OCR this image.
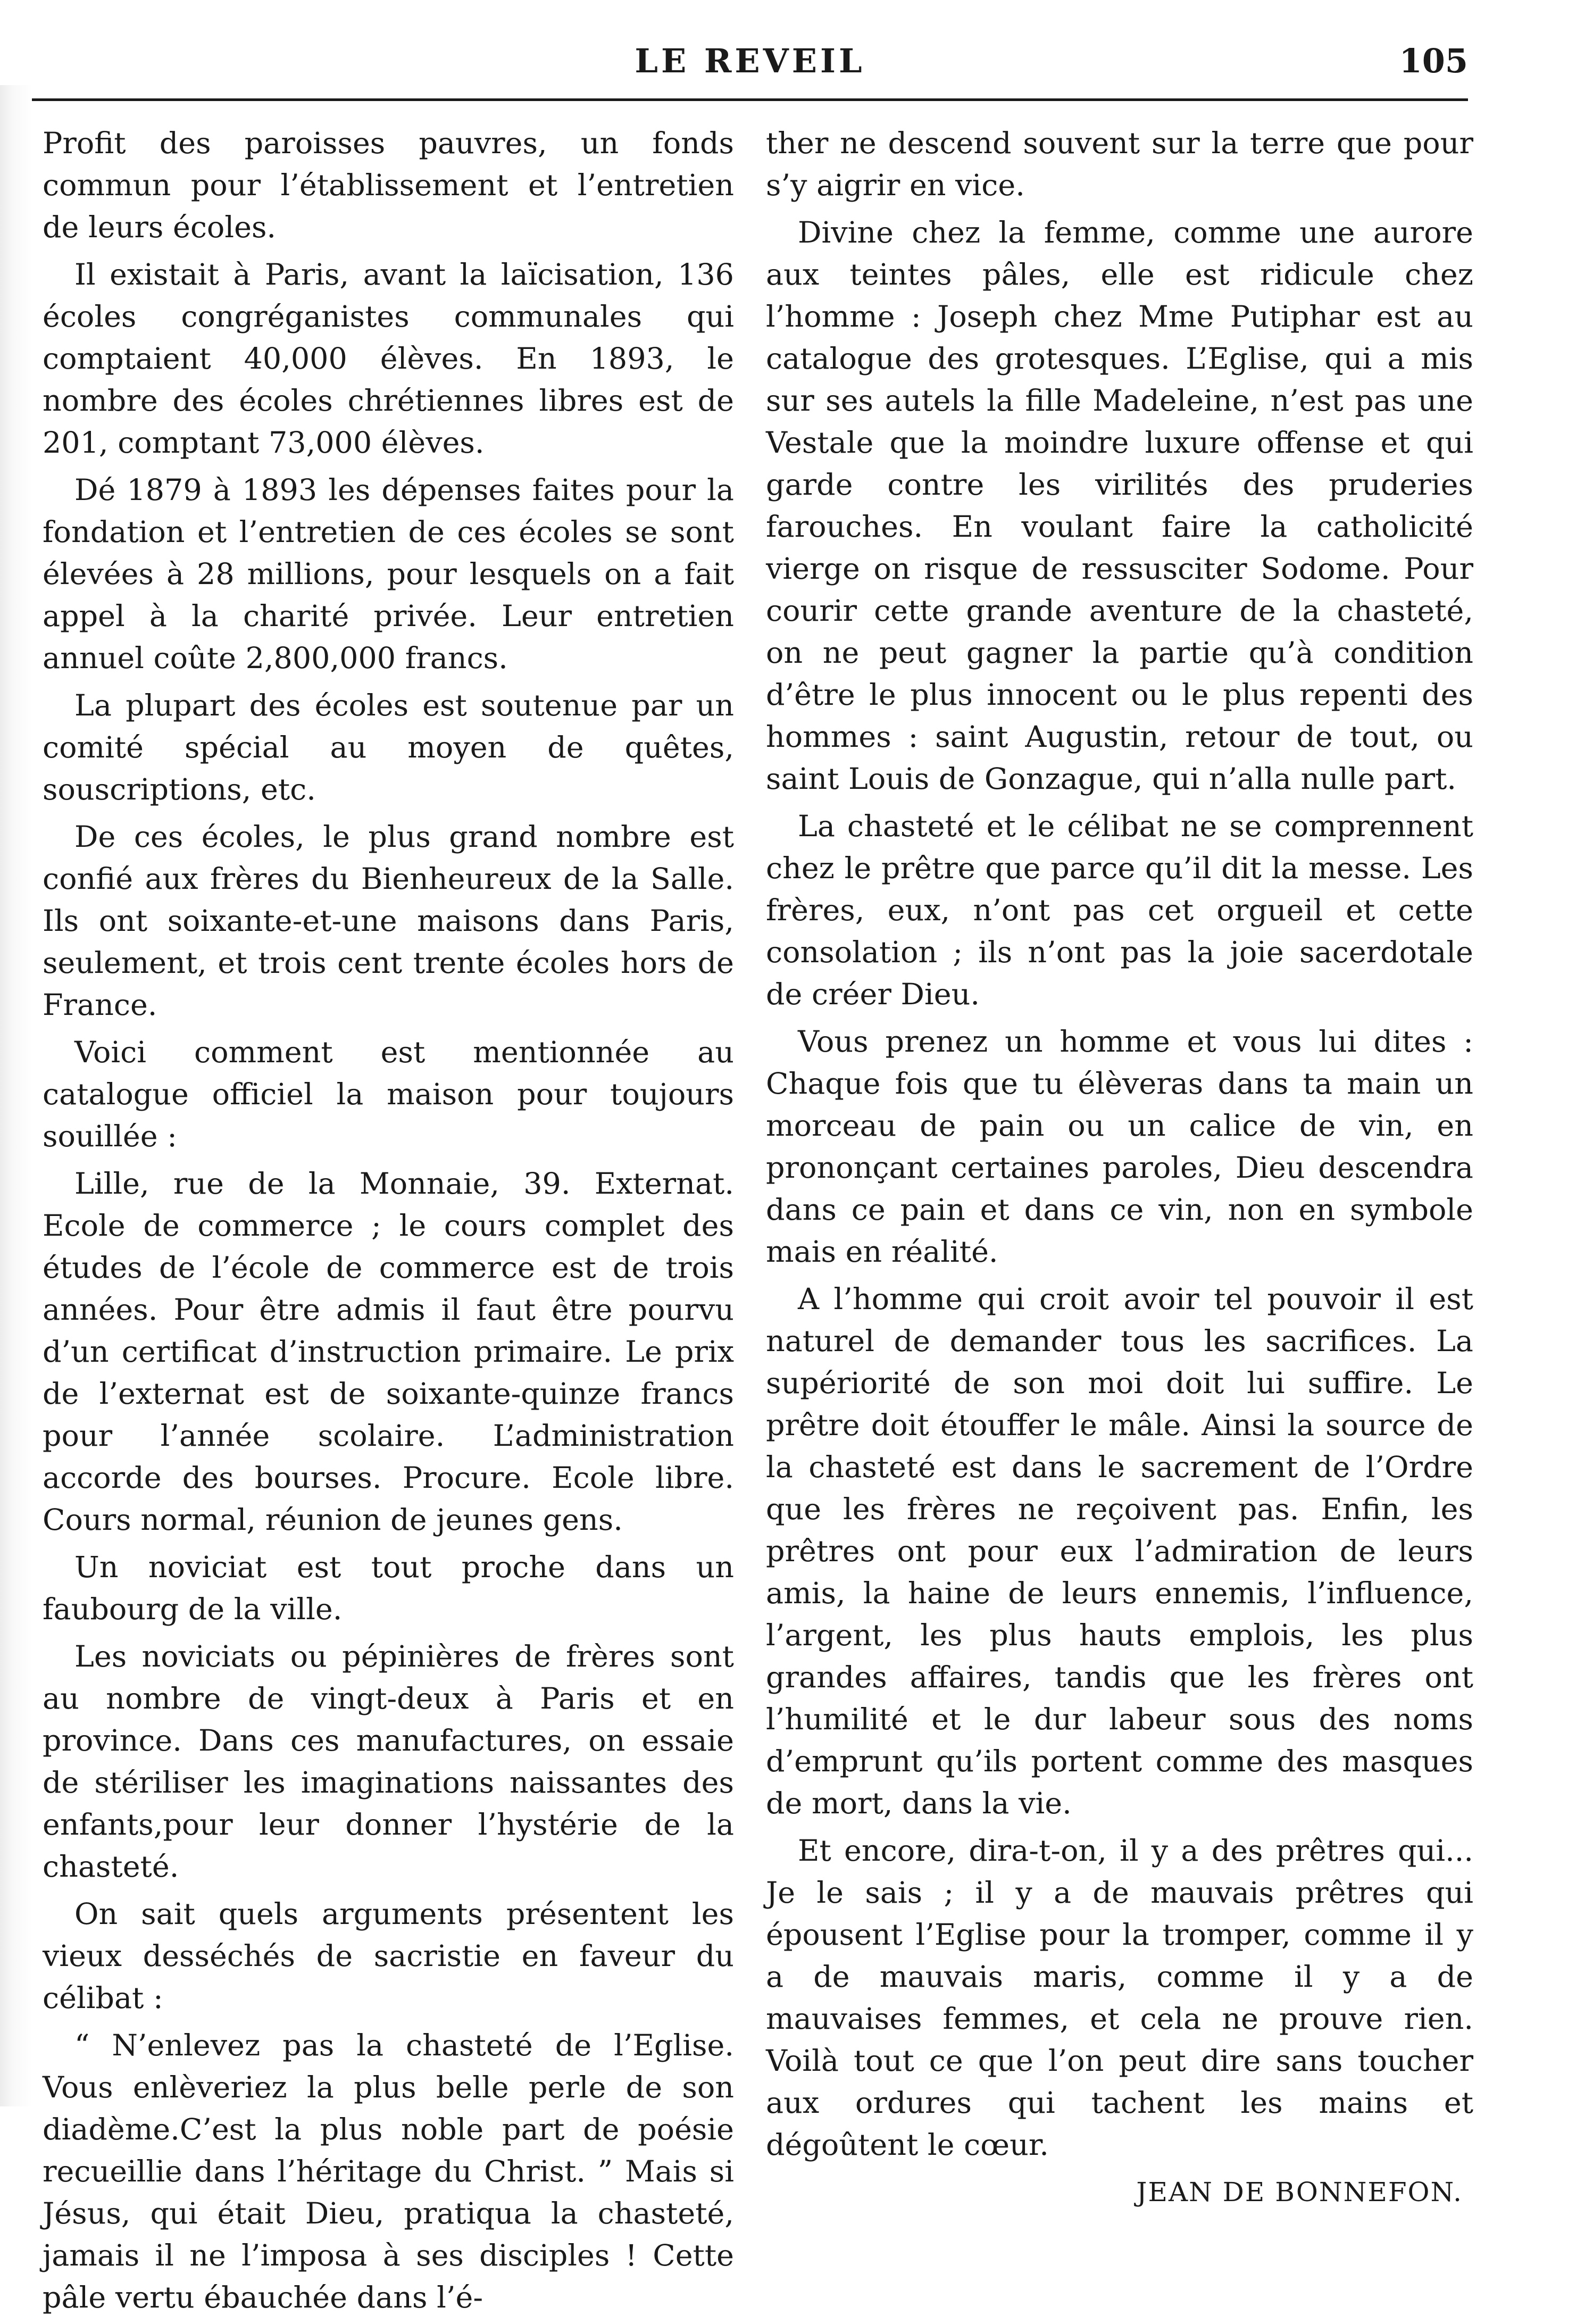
LE REVEIL	105

Profit des paroisses pauvres, un fonds commun pour l’établissement et l’entretien de leurs écoles.

Il existait à Paris, avant la laïcisation, 136 écoles congréganistes communales qui comptaient 40,000 élèves. En 1893, le nombre des écoles chrétiennes libres est de 201, comptant 73,000 élèves.

Dé 1879 à 1893 les dépenses faites pour la fondation et l’entretien de ces écoles se sont élevées à 28 millions, pour lesquels on a fait appel à la charité privée. Leur entretien annuel coûte 2,800,000 francs.

La plupart des écoles est soutenue par un comité spécial au moyen de quêtes, souscriptions, etc.

De ces écoles, le plus grand nombre est confié aux frères du Bienheureux de la Salle. Ils ont soixante-et-une maisons dans Paris, seulement, et trois cent trente écoles hors de France.

Voici comment est mentionnée au catalogue officiel la maison pour toujours souillée :

Lille, rue de la Monnaie, 39. Externat. Ecole de commerce ; le cours complet des études de l’école de commerce est de trois années. Pour être admis il faut être pourvu d’un certificat d’instruction primaire. Le prix de l’externat est de soixante-quinze francs pour l’année scolaire. L’administration accorde des bourses. Procure. Ecole libre. Cours normal, réunion de jeunes gens.

Un noviciat est tout proche dans un faubourg de la ville.

Les noviciats ou pépinières de frères sont au nombre de vingt-deux à Paris et en province. Dans ces manufactures, on essaie de stériliser les imaginations naissantes des enfants,pour leur donner l’hystérie de la chasteté.

On sait quels arguments présentent les vieux desséchés de sacristie en faveur du célibat :

“ N’enlevez pas la chasteté de l’Eglise. Vous enlèveriez la plus belle perle de son diadème.C’est la plus noble part de poésie recueillie dans l’héritage du Christ. ” Mais si Jésus, qui était Dieu, pratiqua la chasteté, jamais il ne l’imposa à ses disciples ! Cette pâle vertu ébauchée dans l’é-

ther ne descend souvent sur la terre que pour s’y aigrir en vice.

Divine chez la femme, comme une aurore aux teintes pâles, elle est ridicule chez l’homme : Joseph chez Mme Putiphar est au catalogue des grotesques. L’Eglise, qui a mis sur ses autels la fille Madeleine, n’est pas une Vestale que la moindre luxure offense et qui garde contre les virilités des pruderies farouches. En voulant faire la catholicité vierge on risque de ressusciter Sodome. Pour courir cette grande aventure de la chasteté, on ne peut gagner la partie qu’à condition d’être le plus innocent ou le plus repenti des hommes : saint Augustin, retour de tout, ou saint Louis de Gonzague, qui n’alla nulle part.

La chasteté et le célibat ne se comprennent chez le prêtre que parce qu’il dit la messe. Les frères, eux, n’ont pas cet orgueil et cette consolation ; ils n’ont pas la joie sacerdotale de créer Dieu.

Vous prenez un homme et vous lui dites : Chaque fois que tu élèveras dans ta main un morceau de pain ou un calice de vin, en prononçant certaines paroles, Dieu descendra dans ce pain et dans ce vin, non en symbole mais en réalité.

A l’homme qui croit avoir tel pouvoir il est naturel de demander tous les sacrifices. La supériorité de son moi doit lui suffire. Le prêtre doit étouffer le mâle. Ainsi la source de la chasteté est dans le sacrement de l’Ordre que les frères ne reçoivent pas. Enfin, les prêtres ont pour eux l’admiration de leurs amis, la haine de leurs ennemis, l’influence, l’argent, les plus hauts emplois, les plus grandes affaires, tandis que les frères ont l’humilité et le dur labeur sous des noms d’emprunt qu’ils portent comme des masques de mort, dans la vie.

Et encore, dira-t-on, il y a des prêtres qui... Je le sais ; il y a de mauvais prêtres qui épousent l’Eglise pour la tromper, comme il y a de mauvais maris, comme il y a de mauvaises femmes, et cela ne prouve rien. Voilà tout ce que l’on peut dire sans toucher aux ordures qui tachent les mains et dégoûtent le cœur.

JEAN DE BONNEFON.
